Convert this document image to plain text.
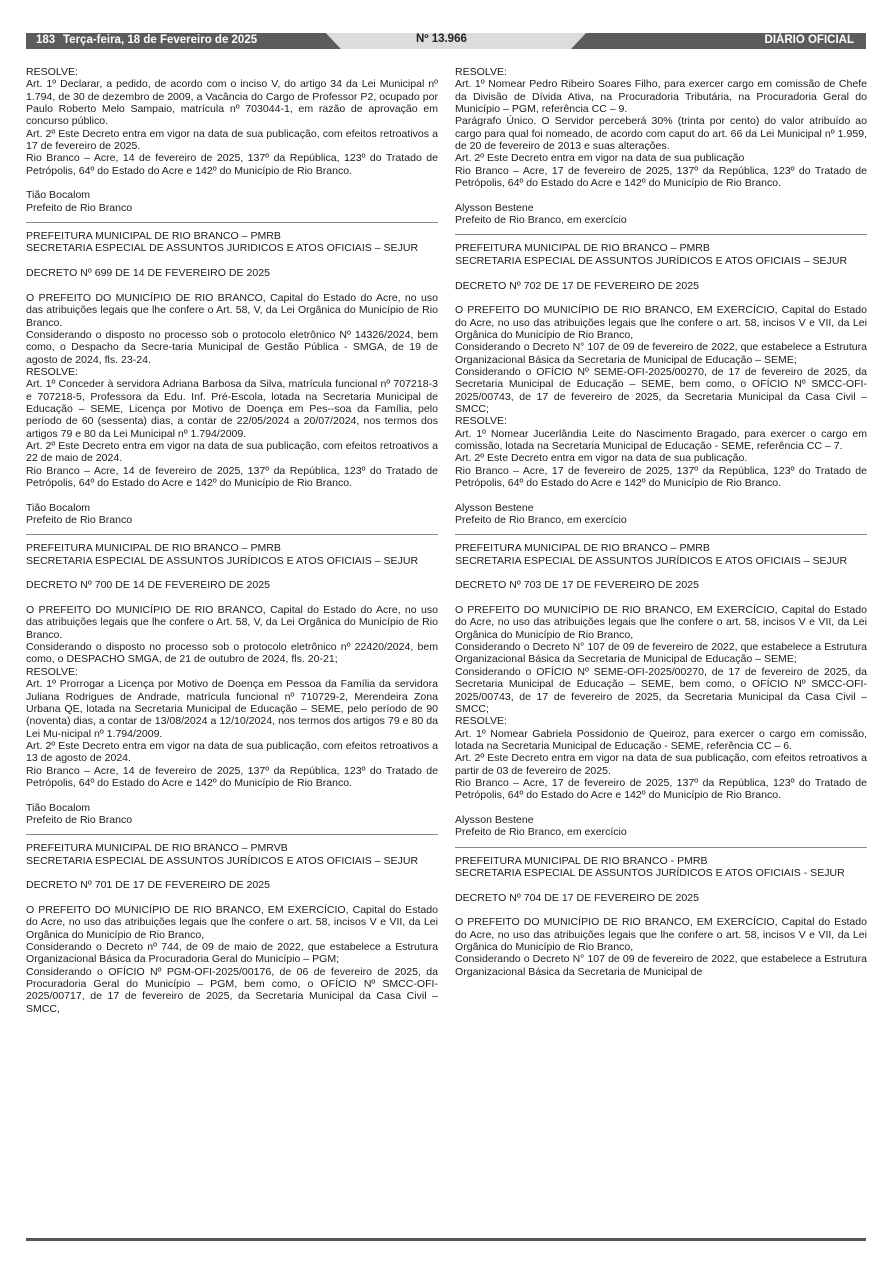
183 Terça-feira, 18 de Fevereiro de 2025	Nº 13.966	DIÁRIO OFICIAL

RESOLVE:

Art. 1º Declarar, a pedido, de acordo com o inciso V, do artigo 34 da Lei Municipal nº 1.794, de 30 de dezembro de 2009, a Vacância do Cargo de Professor P2, ocupado por Paulo Roberto Melo Sampaio, matrícula nº 703044-1, em razão de aprovação em concurso público.

Art. 2º Este Decreto entra em vigor na data de sua publicação, com efeitos retroativos a 17 de fevereiro de 2025.

Rio Branco – Acre, 14 de fevereiro de 2025, 137º da República, 123º do Tratado de Petrópolis, 64º do Estado do Acre e 142º do Município de Rio Branco.

Tião Bocalom

Prefeito de Rio Branco

PREFEITURA MUNICIPAL DE RIO BRANCO – PMRB

SECRETARIA ESPECIAL DE ASSUNTOS JURIDICOS E ATOS OFICIAIS – SEJUR

DECRETO Nº 699 DE 14 DE FEVEREIRO DE 2025

O PREFEITO DO MUNICÍPIO DE RIO BRANCO, Capital do Estado do Acre, no uso das atribuições legais que lhe confere o Art. 58, V, da Lei Orgânica do Município de Rio Branco.

Considerando o disposto no processo sob o protocolo eletrônico Nº 14326/2024, bem como, o Despacho da Secre-taria Municipal de Gestão Pública - SMGA, de 19 de agosto de 2024, fls. 23-24.

RESOLVE:

Art. 1º Conceder à servidora Adriana Barbosa da Silva, matrícula funcional nº 707218-3 e 707218-5, Professora da Edu. Inf. Pré-Escola, lotada na Secretaria Municipal de Educação – SEME, Licença por Motivo de Doença em Pes--soa da Família, pelo período de 60 (sessenta) dias, a contar de 22/05/2024 a 20/07/2024, nos termos dos artigos 79 e 80 da Lei Municipal nº 1.794/2009.

Art. 2º Este Decreto entra em vigor na data de sua publicação, com efeitos retroativos a 22 de maio de 2024.

Rio Branco – Acre, 14 de fevereiro de 2025, 137º da República, 123º do Tratado de Petrópolis, 64º do Estado do Acre e 142º do Município de Rio Branco.

Tião Bocalom

Prefeito de Rio Branco

PREFEITURA MUNICIPAL DE RIO BRANCO – PMRB

SECRETARIA ESPECIAL DE ASSUNTOS JURÍDICOS E ATOS OFICIAIS – SEJUR

DECRETO Nº 700 DE 14 DE FEVEREIRO DE 2025

O PREFEITO DO MUNICÍPIO DE RIO BRANCO, Capital do Estado do Acre, no uso das atribuições legais que lhe confere o Art. 58, V, da Lei Orgânica do Município de Rio Branco.

Considerando o disposto no processo sob o protocolo eletrônico nº 22420/2024, bem como, o DESPACHO SMGA, de 21 de outubro de 2024, fls. 20-21;

RESOLVE:

Art. 1º Prorrogar a Licença por Motivo de Doença em Pessoa da Família da servidora Juliana Rodrigues de Andrade, matrícula funcional nº 710729-2, Merendeira Zona Urbana QE, lotada na Secretaria Municipal de Educação – SEME, pelo período de 90 (noventa) dias, a contar de 13/08/2024 a 12/10/2024, nos termos dos artigos 79 e 80 da Lei Mu-nicipal nº 1.794/2009.

Art. 2º Este Decreto entra em vigor na data de sua publicação, com efeitos retroativos a 13 de agosto de 2024.

Rio Branco – Acre, 14 de fevereiro de 2025, 137º da República, 123º do Tratado de Petrópolis, 64º do Estado do Acre e 142º do Município de Rio Branco.

Tião Bocalom

Prefeito de Rio Branco

PREFEITURA MUNICIPAL DE RIO BRANCO – PMRVB

SECRETARIA ESPECIAL DE ASSUNTOS JURÍDICOS E ATOS OFICIAIS – SEJUR

DECRETO Nº 701 DE 17 DE FEVEREIRO DE 2025

O PREFEITO DO MUNICÍPIO DE RIO BRANCO, EM EXERCÍCIO, Capital do Estado do Acre, no uso das atribuições legais que lhe confere o art. 58, incisos V e VII, da Lei Orgânica do Município de Rio Branco,

Considerando o Decreto nº 744, de 09 de maio de 2022, que estabelece a Estrutura Organizacional Básica da Procuradoria Geral do Município – PGM;

Considerando o OFÍCIO Nº PGM-OFI-2025/00176, de 06 de fevereiro de 2025, da Procuradoria Geral do Município – PGM, bem como, o OFÍCIO Nº SMCC-OFI-2025/00717, de 17 de fevereiro de 2025, da Secretaria Municipal da Casa Civil – SMCC,

RESOLVE:

Art. 1º Nomear Pedro Ribeiro Soares Filho, para exercer cargo em comissão de Chefe da Divisão de Dívida Ativa, na Procuradoria Tributária, na Procuradoria Geral do Município – PGM, referência CC – 9.

Parágrafo Único. O Servidor perceberá 30% (trinta por cento) do valor atribuído ao cargo para qual foi nomeado, de acordo com caput do art. 66 da Lei Municipal nº 1.959, de 20 de fevereiro de 2013 e suas alterações.

Art. 2º Este Decreto entra em vigor na data de sua publicação

Rio Branco – Acre, 17 de fevereiro de 2025, 137º da República, 123º do Tratado de Petrópolis, 64º do Estado do Acre e 142º do Município de Rio Branco.

Alysson Bestene

Prefeito de Rio Branco, em exercício

PREFEITURA MUNICIPAL DE RIO BRANCO – PMRB

SECRETARIA ESPECIAL DE ASSUNTOS JURÍDICOS E ATOS OFICIAIS – SEJUR

DECRETO Nº 702 DE 17 DE FEVEREIRO DE 2025

O PREFEITO DO MUNICÍPIO DE RIO BRANCO, EM EXERCÍCIO, Capital do Estado do Acre, no uso das atribuições legais que lhe confere o art. 58, incisos V e VII, da Lei Orgânica do Município de Rio Branco,

Considerando o Decreto N° 107 de 09 de fevereiro de 2022, que estabelece a Estrutura Organizacional Básica da Secretaria de Municipal de Educação – SEME;

Considerando o OFÍCIO Nº SEME-OFI-2025/00270, de 17 de fevereiro de 2025, da Secretaria Municipal de Educação – SEME, bem como, o OFÍCIO Nº SMCC-OFI-2025/00743, de 17 de fevereiro de 2025, da Secretaria Municipal da Casa Civil – SMCC;

RESOLVE:

Art. 1º Nomear Jucerlândia Leite do Nascimento Bragado, para exercer o cargo em comissão, lotada na Secretaria Municipal de Educação - SEME, referência CC – 7.

Art. 2º Este Decreto entra em vigor na data de sua publicação.

Rio Branco – Acre, 17 de fevereiro de 2025, 137º da República, 123º do Tratado de Petrópolis, 64º do Estado do Acre e 142º do Município de Rio Branco.

Alysson Bestene

Prefeito de Rio Branco, em exercício

PREFEITURA MUNICIPAL DE RIO BRANCO – PMRB

SECRETARIA ESPECIAL DE ASSUNTOS JURÍDICOS E ATOS OFICIAIS – SEJUR

DECRETO Nº 703 DE 17 DE FEVEREIRO DE 2025

O PREFEITO DO MUNICÍPIO DE RIO BRANCO, EM EXERCÍCIO, Capital do Estado do Acre, no uso das atribuições legais que lhe confere o art. 58, incisos V e VII, da Lei Orgânica do Município de Rio Branco,

Considerando o Decreto N° 107 de 09 de fevereiro de 2022, que estabelece a Estrutura Organizacional Básica da Secretaria de Municipal de Educação – SEME;

Considerando o OFÍCIO Nº SEME-OFI-2025/00270, de 17 de fevereiro de 2025, da Secretaria Municipal de Educação – SEME, bem como, o OFÍCIO Nº SMCC-OFI-2025/00743, de 17 de fevereiro de 2025, da Secretaria Municipal da Casa Civil – SMCC;

RESOLVE:

Art. 1º Nomear Gabriela Possidonio de Queiroz, para exercer o cargo em comissão, lotada na Secretaria Municipal de Educação - SEME, referência CC – 6.

Art. 2º Este Decreto entra em vigor na data de sua publicação, com efeitos retroativos a partir de 03 de fevereiro de 2025.

Rio Branco – Acre, 17 de fevereiro de 2025, 137º da República, 123º do Tratado de Petrópolis, 64º do Estado do Acre e 142º do Município de Rio Branco.

Alysson Bestene

Prefeito de Rio Branco, em exercício

PREFEITURA MUNICIPAL DE RIO BRANCO - PMRB

SECRETARIA ESPECIAL DE ASSUNTOS JURÍDICOS E ATOS OFICIAIS - SEJUR

DECRETO Nº 704 DE 17 DE FEVEREIRO DE 2025

O PREFEITO DO MUNICÍPIO DE RIO BRANCO, EM EXERCÍCIO, Capital do Estado do Acre, no uso das atribuições legais que lhe confere o art. 58, incisos V e VII, da Lei Orgânica do Município de Rio Branco,

Considerando o Decreto N° 107 de 09 de fevereiro de 2022, que estabelece a Estrutura Organizacional Básica da Secretaria de Municipal de
